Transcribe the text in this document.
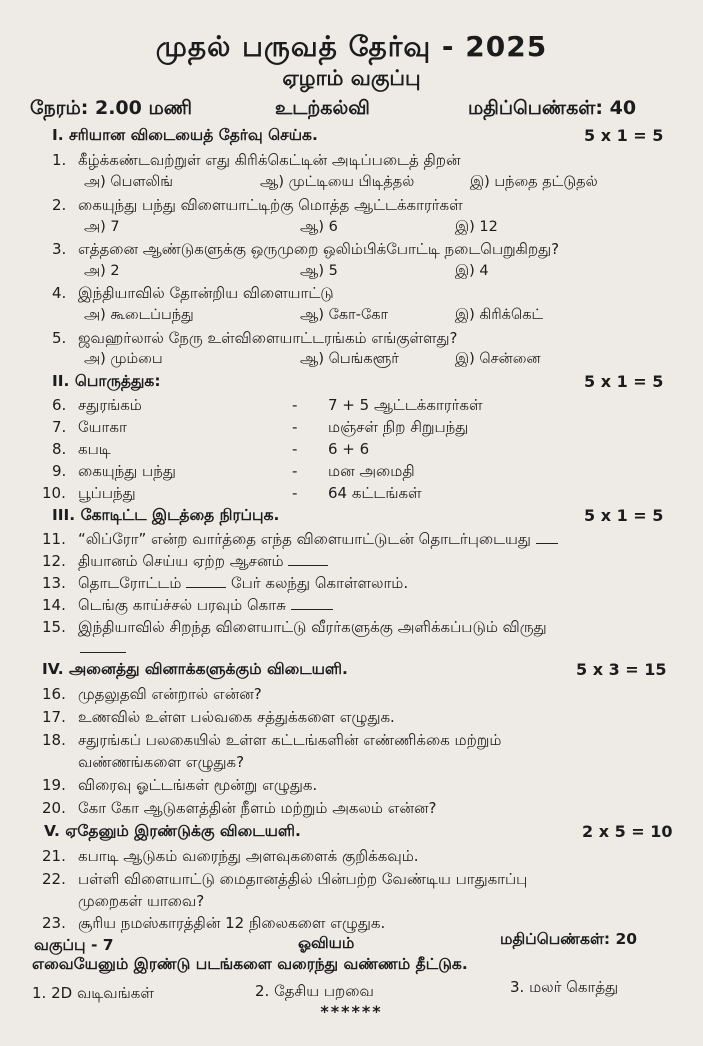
முதல் பருவத் தேர்வு - 2025
ஏழாம் வகுப்பு
நேரம்: 2.00 மணி	உடற்கல்வி	மதிப்பெண்கள்: 40
I. சரியான விடையைத் தேர்வு செய்க.	5 x 1 = 5
1. கீழ்க்கண்டவற்றுள் எது கிரிக்கெட்டின் அடிப்படைத் திறன்
அ) பௌலிங்	ஆ) முட்டியை பிடித்தல்	இ) பந்தை தட்டுதல்
2. கையுந்து பந்து விளையாட்டிற்கு மொத்த ஆட்டக்காரர்கள்
அ) 7	ஆ) 6	இ) 12
3. எத்தனை ஆண்டுகளுக்கு ஒருமுறை ஒலிம்பிக்போட்டி நடைபெறுகிறது?
அ) 2	ஆ) 5	இ) 4
4. இந்தியாவில் தோன்றிய விளையாட்டு
அ) கூடைப்பந்து	ஆ) கோ-கோ	இ) கிரிக்கெட்
5. ஜவஹர்லால் நேரு உள்விளையாட்டரங்கம் எங்குள்ளது?
அ) மும்பை	ஆ) பெங்களூர்	இ) சென்னை
II. பொருத்துக:	5 x 1 = 5
6. சதுரங்கம்	- 7 + 5 ஆட்டக்காரர்கள்
7. யோகா	- மஞ்சள் நிற சிறுபந்து
8. கபடி	- 6 + 6
9. கையுந்து பந்து	- மன அமைதி
10. பூப்பந்து	- 64 கட்டங்கள்
III. கோடிட்ட இடத்தை நிரப்புக.	5 x 1 = 5
11. “லிப்ரோ” என்ற வார்த்தை எந்த விளையாட்டுடன் தொடர்புடையது
12. தியானம் செய்ய ஏற்ற ஆசனம்
13. தொடரோட்டம்	பேர் கலந்து கொள்ளலாம்.
14. டெங்கு காய்ச்சல் பரவும் கொசு
15. இந்தியாவில் சிறந்த விளையாட்டு வீரர்களுக்கு அளிக்கப்படும் விருது
IV. அனைத்து வினாக்களுக்கும் விடையளி.	5 x 3 = 15
16. முதலுதவி என்றால் என்ன?
17. உணவில் உள்ள பல்வகை சத்துக்களை எழுதுக.
18. சதுரங்கப் பலகையில் உள்ள கட்டங்களின் எண்ணிக்கை மற்றும்
வண்ணங்களை எழுதுக?
19. விரைவு ஓட்டங்கள் மூன்று எழுதுக.
20. கோ கோ ஆடுகளத்தின் நீளம் மற்றும் அகலம் என்ன?
V. ஏதேனும் இரண்டுக்கு விடையளி.	2 x 5 = 10
21. கபாடி ஆடுகம் வரைந்து அளவுகளைக் குறிக்கவும்.
22. பள்ளி விளையாட்டு மைதானத்தில் பின்பற்ற வேண்டிய பாதுகாப்பு
முறைகள் யாவை?
23. சூரிய நமஸ்காரத்தின் 12 நிலைகளை எழுதுக.
வகுப்பு - 7	ஓவியம்	மதிப்பெண்கள்: 20
எவையேனும் இரண்டு படங்களை வரைந்து வண்ணம் தீட்டுக.
1. 2D வடிவங்கள்	2. தேசிய பறவை	3. மலர் கொத்து
******
